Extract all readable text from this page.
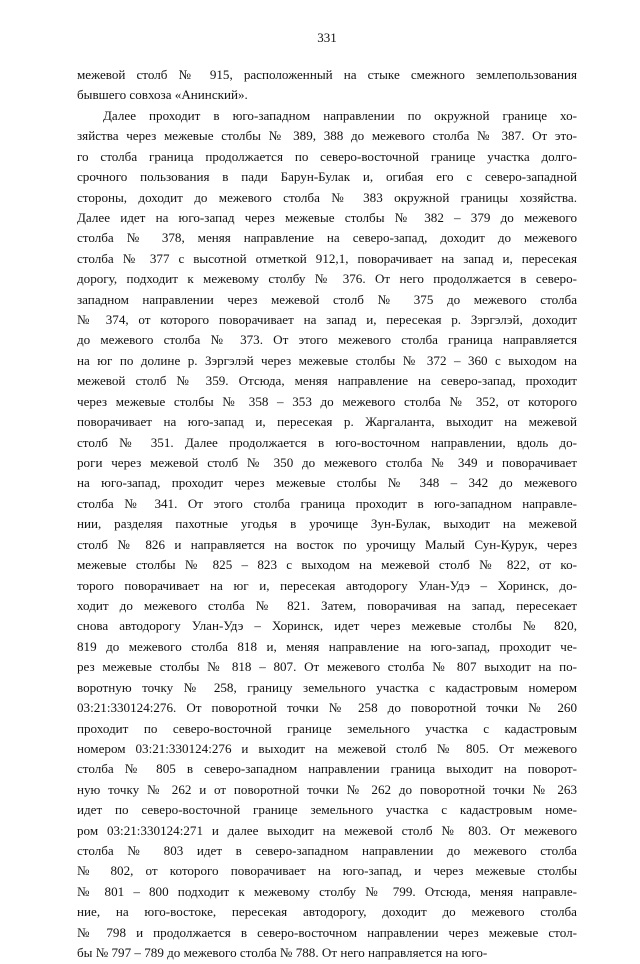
331
межевой столб № 915, расположенный на стыке смежного землепользования
бывшего совхоза «Анинский».
Далее проходит в юго-западном направлении по окружной границе хо-
зяйства через межевые столбы № 389, 388 до межевого столба № 387. От это-
го столба граница продолжается по северо-восточной границе участка долго-
срочного пользования в пади Барун-Булак и, огибая его с северо-западной
стороны, доходит до межевого столба № 383 окружной границы хозяйства.
Далее идет на юго-запад через межевые столбы № 382 – 379 до межевого
столба № 378, меняя направление на северо-запад, доходит до межевого
столба № 377 с высотной отметкой 912,1, поворачивает на запад и, пересекая
дорогу, подходит к межевому столбу № 376. От него продолжается в северо-
западном направлении через межевой столб № 375 до межевого столба
№ 374, от которого поворачивает на запад и, пересекая р. Зэргэлэй, доходит
до межевого столба № 373. От этого межевого столба граница направляется
на юг по долине р. Зэргэлэй через межевые столбы № 372 – 360 с выходом на
межевой столб № 359. Отсюда, меняя направление на северо-запад, проходит
через межевые столбы № 358 – 353 до межевого столба № 352, от которого
поворачивает на юго-запад и, пересекая р. Жаргаланта, выходит на межевой
столб № 351. Далее продолжается в юго-восточном направлении, вдоль до-
роги через межевой столб № 350 до межевого столба № 349 и поворачивает
на юго-запад, проходит через межевые столбы № 348 – 342 до межевого
столба № 341. От этого столба граница проходит в юго-западном направле-
нии, разделяя пахотные угодья в урочище Зун-Булак, выходит на межевой
столб № 826 и направляется на восток по урочищу Малый Сун-Курук, через
межевые столбы № 825 – 823 с выходом на межевой столб № 822, от ко-
торого поворачивает на юг и, пересекая автодорогу Улан-Удэ – Хоринск, до-
ходит до межевого столба № 821. Затем, поворачивая на запад, пересекает
снова автодорогу Улан-Удэ – Хоринск, идет через межевые столбы № 820,
819 до межевого столба 818 и, меняя направление на юго-запад, проходит че-
рез межевые столбы № 818 – 807. От межевого столба № 807 выходит на по-
воротную точку № 258, границу земельного участка с кадастровым номером
03:21:330124:276. От поворотной точки № 258 до поворотной точки № 260
проходит по северо-восточной границе земельного участка с кадастровым
номером 03:21:330124:276 и выходит на межевой столб № 805. От межевого
столба № 805 в северо-западном направлении граница выходит на поворот-
ную точку № 262 и от поворотной точки № 262 до поворотной точки № 263
идет по северо-восточной границе земельного участка с кадастровым номе-
ром 03:21:330124:271 и далее выходит на межевой столб № 803. От межевого
столба № 803 идет в северо-западном направлении до межевого столба
№ 802, от которого поворачивает на юго-запад, и через межевые столбы
№ 801 – 800 подходит к межевому столбу № 799. Отсюда, меняя направле-
ние, на юго-востоке, пересекая автодорогу, доходит до межевого столба
№ 798 и продолжается в северо-восточном направлении через межевые стол-
бы № 797 – 789 до межевого столба № 788. От него направляется на юго-
